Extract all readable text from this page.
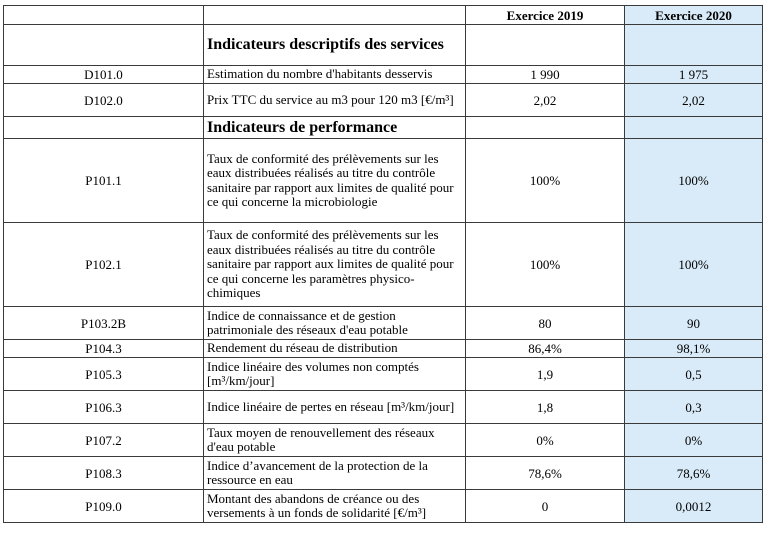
		Exercice 2019	Exercice 2020
	Indicateurs descriptifs des services		
D101.0	Estimation du nombre d'habitants desservis	1 990	1 975
D102.0	Prix TTC du service au m3 pour 120 m3 [€/m³]	2,02	2,02
	Indicateurs de performance		
P101.1	Taux de conformité des prélèvements sur les eaux distribuées réalisés au titre du contrôle sanitaire par rapport aux limites de qualité pour ce qui concerne la microbiologie	100%	100%
P102.1	Taux de conformité des prélèvements sur les eaux distribuées réalisés au titre du contrôle sanitaire par rapport aux limites de qualité pour ce qui concerne les paramètres physico-chimiques	100%	100%
P103.2B	Indice de connaissance et de gestion patrimoniale des réseaux d'eau potable	80	90
P104.3	Rendement du réseau de distribution	86,4%	98,1%
P105.3	Indice linéaire des volumes non comptés [m³/km/jour]	1,9	0,5
P106.3	Indice linéaire de pertes en réseau [m³/km/jour]	1,8	0,3
P107.2	Taux moyen de renouvellement des réseaux d'eau potable	0%	0%
P108.3	Indice d’avancement de la protection de la ressource en eau	78,6%	78,6%
P109.0	Montant des abandons de créance ou des versements à un fonds de solidarité [€/m³]	0	0,0012
